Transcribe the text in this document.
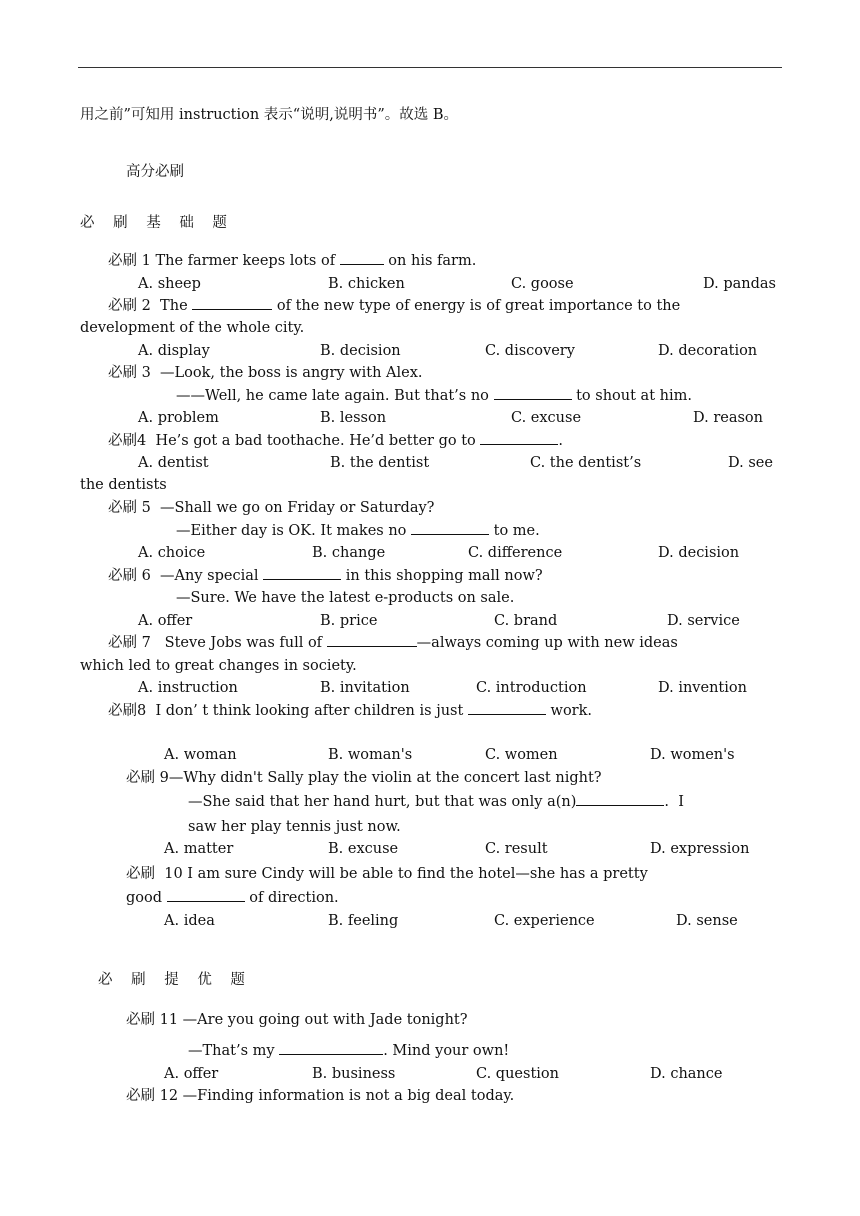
用之前”可知用 instruction 表示“说明,说明书”。故选 B。
高分必刷
必 刷 基 础 题
必刷 1 The farmer keeps lots of	on his farm.
A. sheep	B. chicken	C. goose	D. pandas
必刷 2  The	of the new type of energy is of great importance to the
development of the whole city.
A. display	B. decision	C. discovery	D. decoration
必刷 3  —Look, the boss is angry with Alex.
——Well, he came late again. But that’s no	to shout at him.
A. problem	B. lesson	C. excuse	D. reason
必刷4  He’s got a bad toothache. He’d better go to	.
A. dentist	B. the dentist	C. the dentist’s	D. see
the dentists
必刷 5  —Shall we go on Friday or Saturday?
—Either day is OK. It makes no	to me.
A. choice	B. change	C. difference	D. decision
必刷 6  —Any special	in this shopping mall now?
—Sure. We have the latest e-products on sale.
A. offer	B. price	C. brand	D. service
必刷 7   Steve Jobs was full of	—always coming up with new ideas
which led to great changes in society.
A. instruction	B. invitation	C. introduction	D. invention
必刷8  I don’ t think looking after children is just	work.
A. woman	B. woman's	C. women	D. women's
必刷 9—Why didn't Sally play the violin at the concert last night?
—She said that her hand hurt, but that was only a(n)	.  I
saw her play tennis just now.
A. matter	B. excuse	C. result	D. expression
必刷  10 I am sure Cindy will be able to find the hotel—she has a pretty
good	of direction.
A. idea	B. feeling	C. experience	D. sense
必 刷 提 优 题
必刷 11 —Are you going out with Jade tonight?
—That’s my	. Mind your own!
A. offer	B. business	C. question	D. chance
必刷 12 —Finding information is not a big deal today.
